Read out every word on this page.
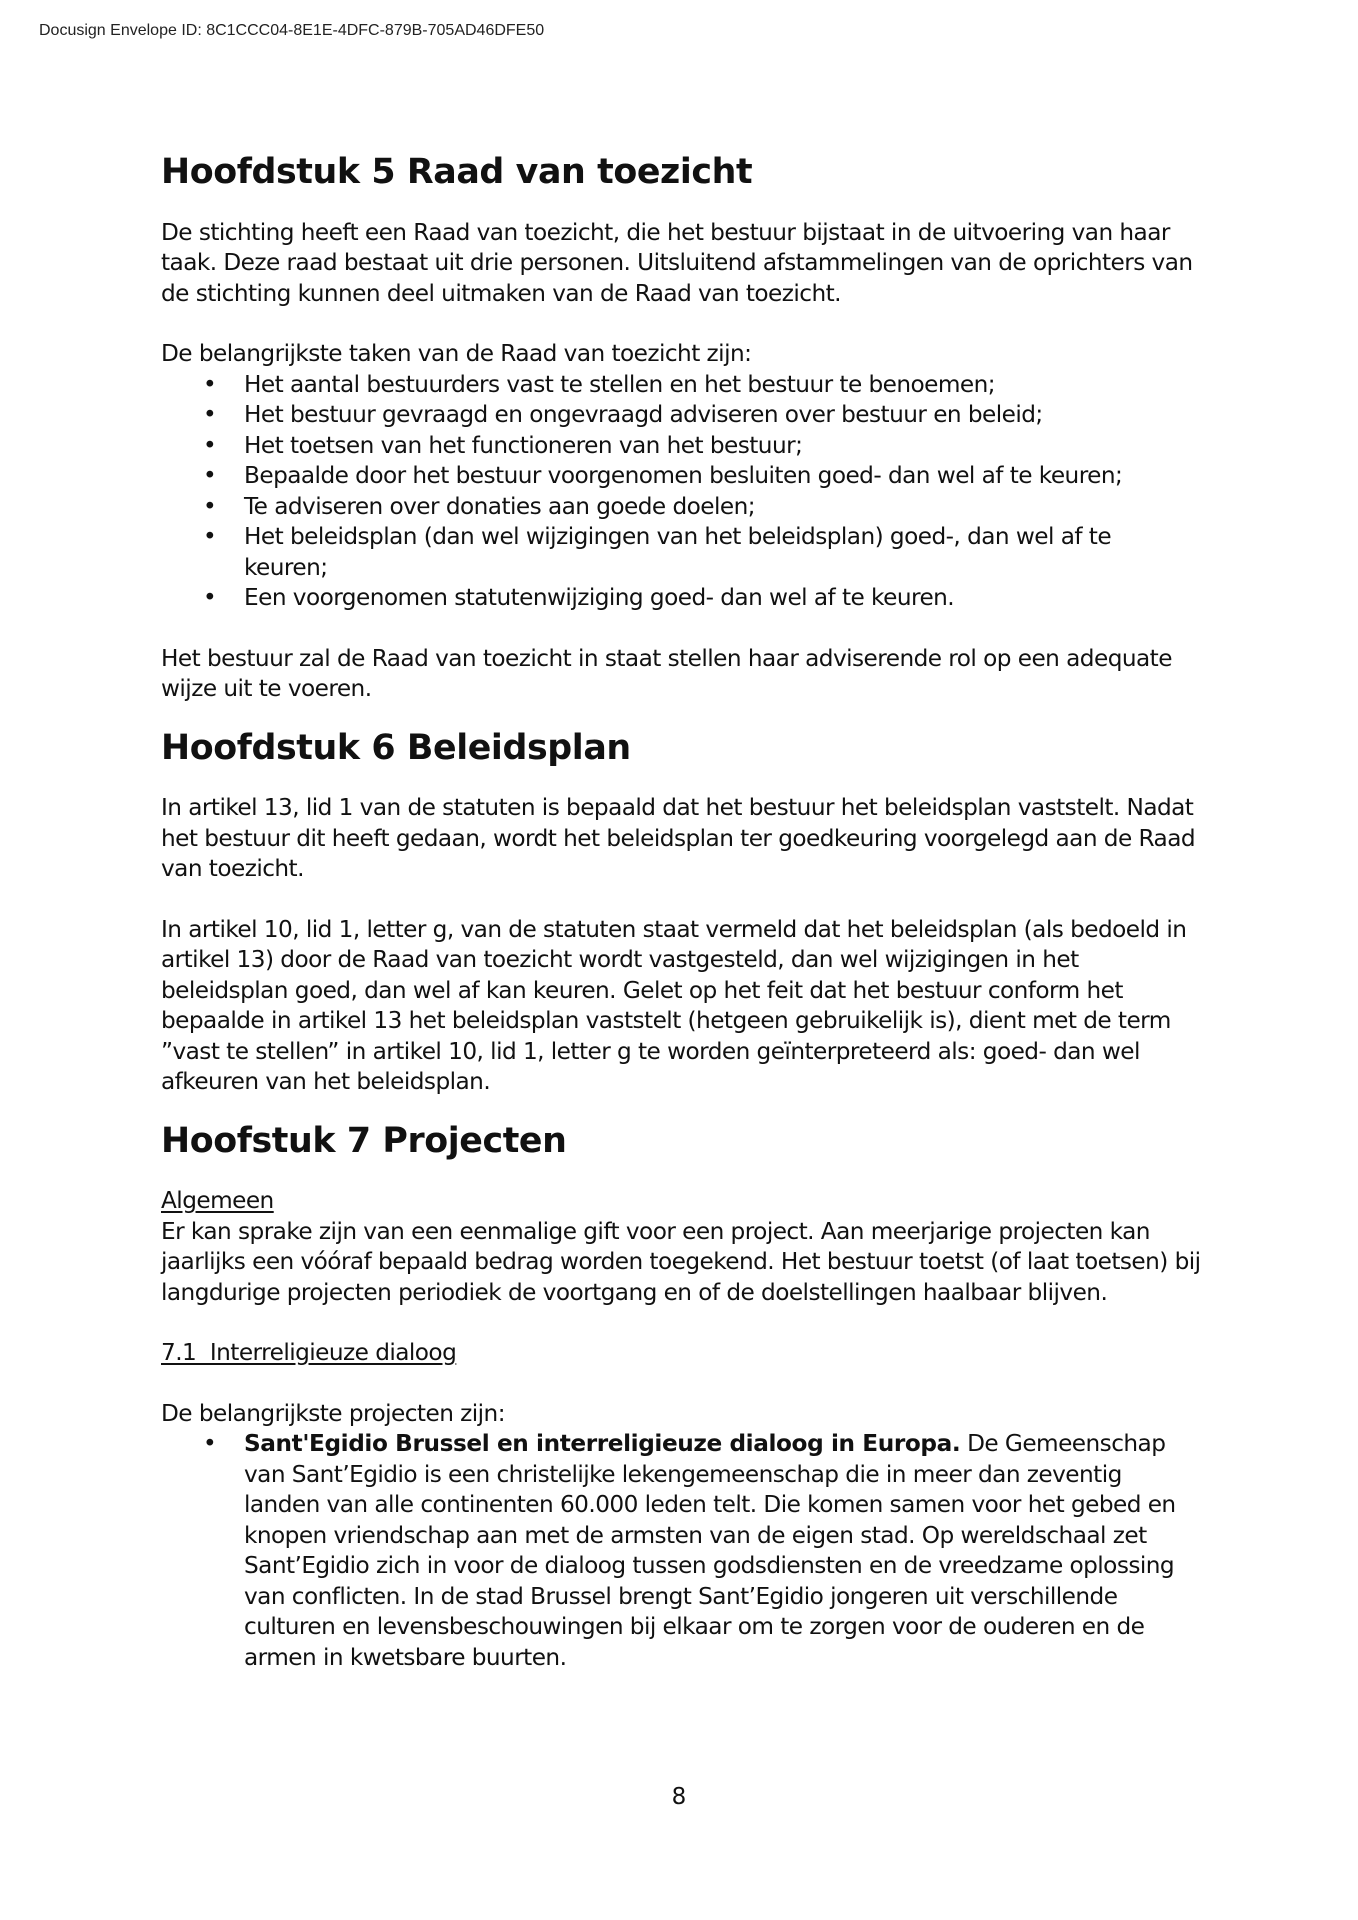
Docusign Envelope ID: 8C1CCC04-8E1E-4DFC-879B-705AD46DFE50
Hoofdstuk 5 Raad van toezicht

De stichting heeft een Raad van toezicht, die het bestuur bijstaat in de uitvoering van haar taak. Deze raad bestaat uit drie personen. Uitsluitend afstammelingen van de oprichters van de stichting kunnen deel uitmaken van de Raad van toezicht.

De belangrijkste taken van de Raad van toezicht zijn:

• Het aantal bestuurders vast te stellen en het bestuur te benoemen;
• Het bestuur gevraagd en ongevraagd adviseren over bestuur en beleid;
• Het toetsen van het functioneren van het bestuur;
• Bepaalde door het bestuur voorgenomen besluiten goed- dan wel af te keuren;
• Te adviseren over donaties aan goede doelen;
• Het beleidsplan (dan wel wijzigingen van het beleidsplan) goed-, dan wel af te keuren;
• Een voorgenomen statutenwijziging goed- dan wel af te keuren.

Het bestuur zal de Raad van toezicht in staat stellen haar adviserende rol op een adequate wijze uit te voeren.

Hoofdstuk 6 Beleidsplan

In artikel 13, lid 1 van de statuten is bepaald dat het bestuur het beleidsplan vaststelt. Nadat het bestuur dit heeft gedaan, wordt het beleidsplan ter goedkeuring voorgelegd aan de Raad van toezicht.

In artikel 10, lid 1, letter g, van de statuten staat vermeld dat het beleidsplan (als bedoeld in artikel 13) door de Raad van toezicht wordt vastgesteld, dan wel wijzigingen in het beleidsplan goed, dan wel af kan keuren. Gelet op het feit dat het bestuur conform het bepaalde in artikel 13 het beleidsplan vaststelt (hetgeen gebruikelijk is), dient met de term ”vast te stellen” in artikel 10, lid 1, letter g te worden geïnterpreteerd als: goed- dan wel afkeuren van het beleidsplan.

Hoofstuk 7 Projecten

Algemeen

Er kan sprake zijn van een eenmalige gift voor een project. Aan meerjarige projecten kan jaarlijks een vóóraf bepaald bedrag worden toegekend. Het bestuur toetst (of laat toetsen) bij langdurige projecten periodiek de voortgang en of de doelstellingen haalbaar blijven.

7.1  Interreligieuze dialoog

De belangrijkste projecten zijn:

• Sant'Egidio Brussel en interreligieuze dialoog in Europa. De Gemeenschap van Sant’Egidio is een christelijke lekengemeenschap die in meer dan zeventig landen van alle continenten 60.000 leden telt. Die komen samen voor het gebed en knopen vriendschap aan met de armsten van de eigen stad. Op wereldschaal zet Sant’Egidio zich in voor de dialoog tussen godsdiensten en de vreedzame oplossing van conflicten. In de stad Brussel brengt Sant’Egidio jongeren uit verschillende culturen en levensbeschouwingen bij elkaar om te zorgen voor de ouderen en de armen in kwetsbare buurten.
8
